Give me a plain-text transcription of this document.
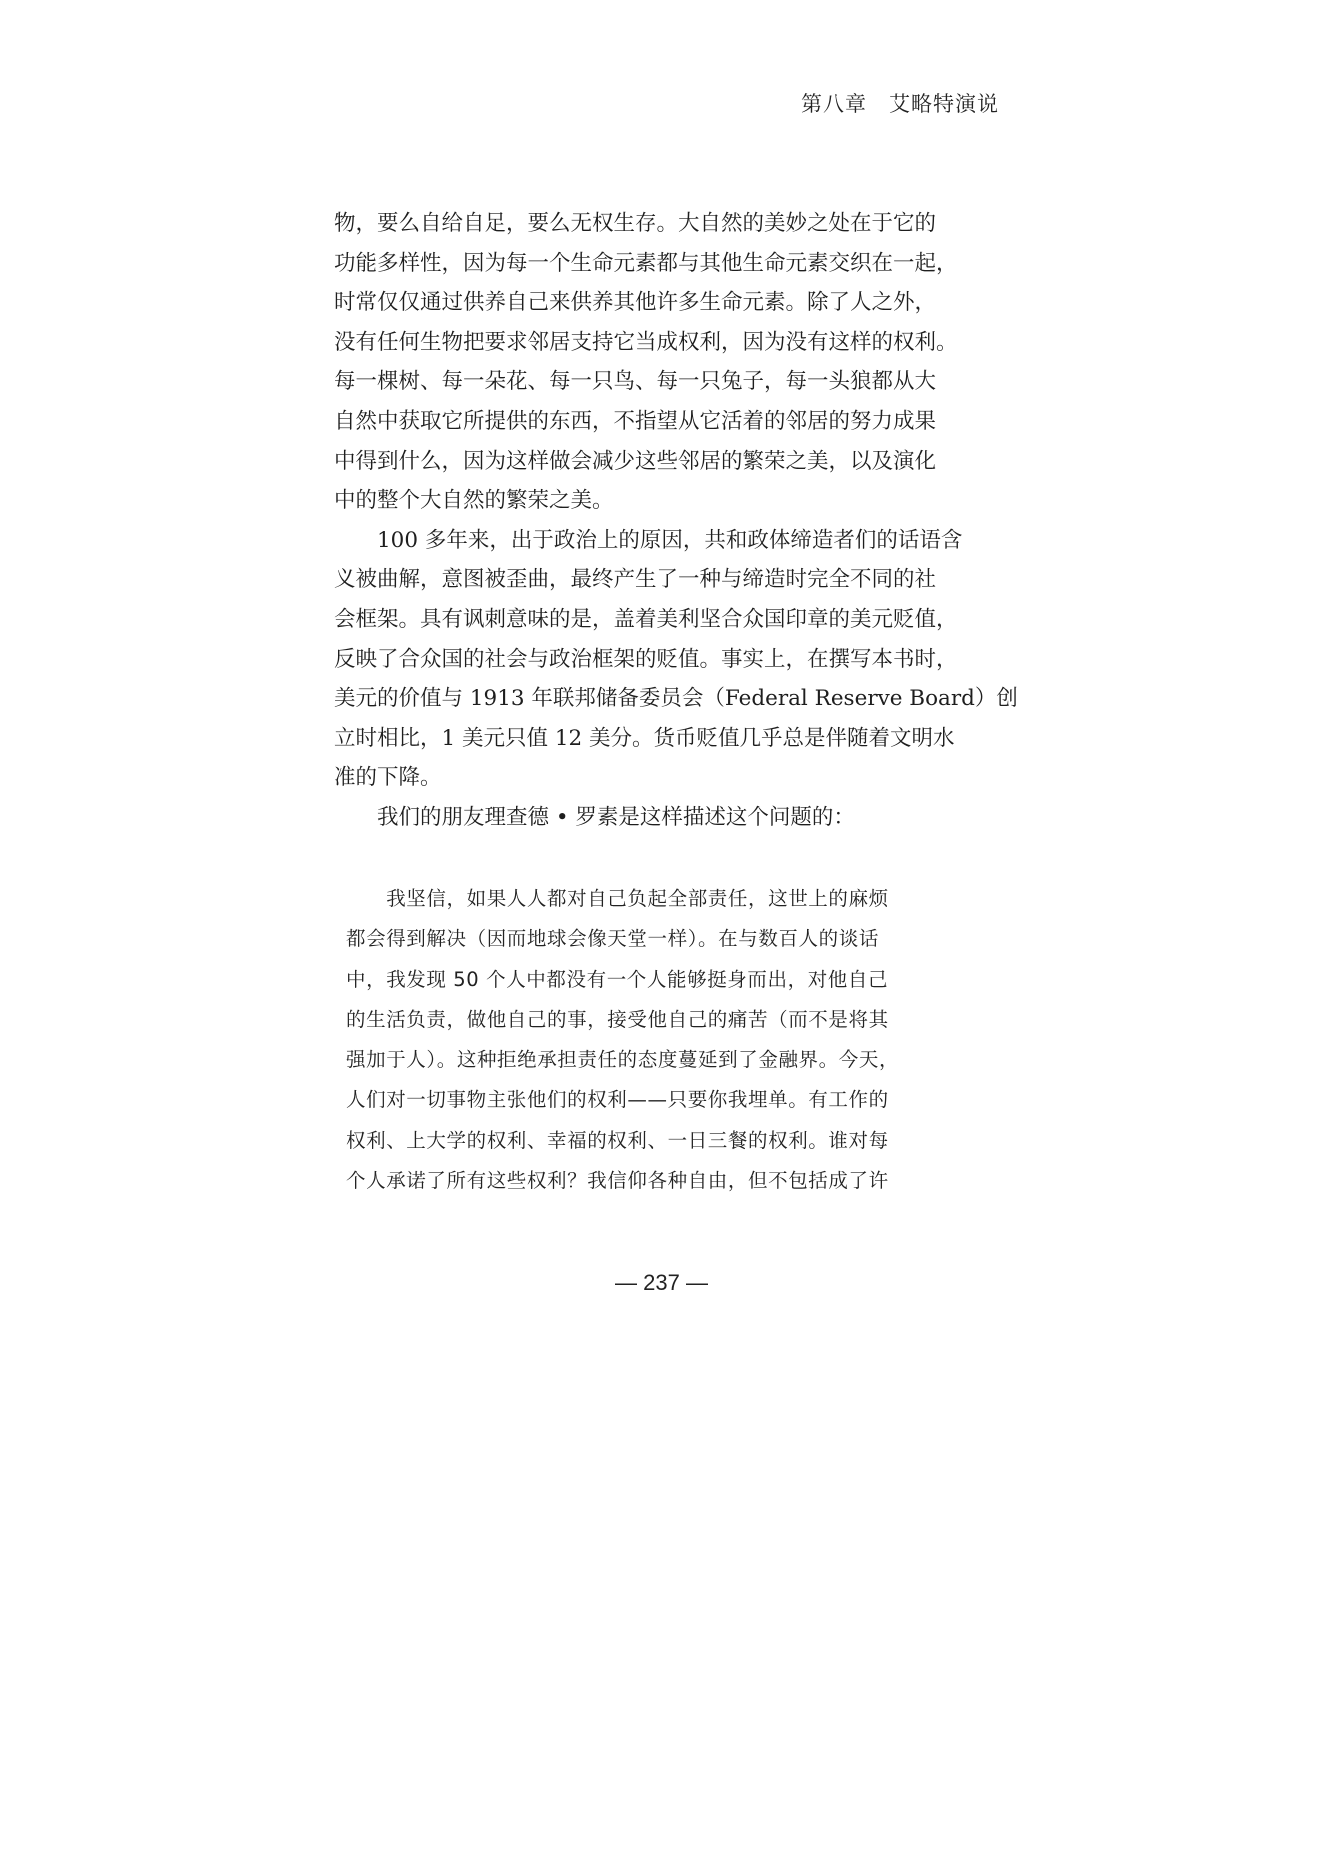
第八章　艾略特演说
物，要么自给自足，要么无权生存。大自然的美妙之处在于它的
功能多样性，因为每一个生命元素都与其他生命元素交织在一起，
时常仅仅通过供养自己来供养其他许多生命元素。除了人之外，
没有任何生物把要求邻居支持它当成权利，因为没有这样的权利。
每一棵树、每一朵花、每一只鸟、每一只兔子，每一头狼都从大
自然中获取它所提供的东西，不指望从它活着的邻居的努力成果
中得到什么，因为这样做会减少这些邻居的繁荣之美，以及演化
中的整个大自然的繁荣之美。
　　100 多年来，出于政治上的原因，共和政体缔造者们的话语含
义被曲解，意图被歪曲，最终产生了一种与缔造时完全不同的社
会框架。具有讽刺意味的是，盖着美利坚合众国印章的美元贬值，
反映了合众国的社会与政治框架的贬值。事实上，在撰写本书时，
美元的价值与 1913 年联邦储备委员会（Federal Reserve Board）创
立时相比，1 美元只值 12 美分。货币贬值几乎总是伴随着文明水
准的下降。
　　我们的朋友理查德 • 罗素是这样描述这个问题的：
　　我坚信，如果人人都对自己负起全部责任，这世上的麻烦
都会得到解决（因而地球会像天堂一样）。在与数百人的谈话
中，我发现 50 个人中都没有一个人能够挺身而出，对他自己
的生活负责，做他自己的事，接受他自己的痛苦（而不是将其
强加于人）。这种拒绝承担责任的态度蔓延到了金融界。今天，
人们对一切事物主张他们的权利——只要你我埋单。有工作的
权利、上大学的权利、幸福的权利、一日三餐的权利。谁对每
个人承诺了所有这些权利？我信仰各种自由，但不包括成了许
— 237 —
